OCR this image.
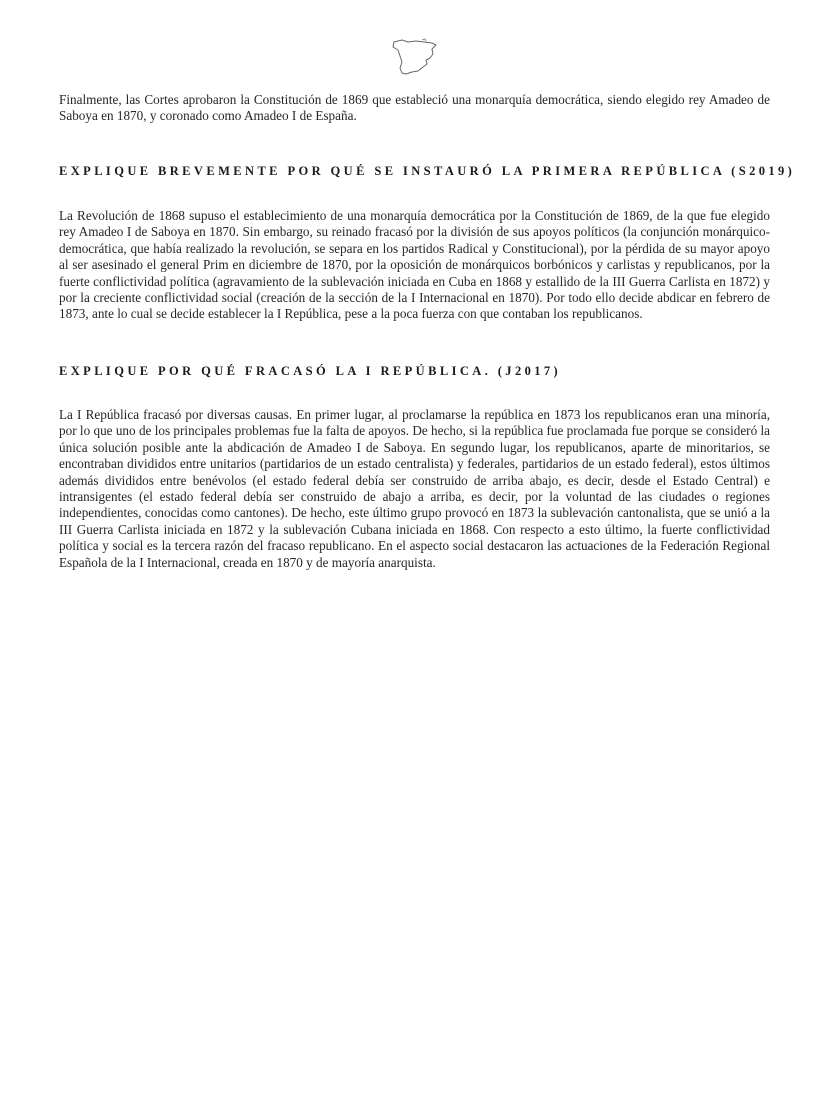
Finalmente, las Cortes aprobaron la Constitución de 1869 que estableció una monarquía democrática, siendo elegido rey Amadeo de Saboya en 1870, y coronado como Amadeo I de España.

EXPLIQUE BREVEMENTE POR QUÉ SE INSTAURÓ LA PRIMERA REPÚBLICA (S2019)

La Revolución de 1868 supuso el establecimiento de una monarquía democrática por la Constitución de 1869, de la que fue elegido rey Amadeo I de Saboya en 1870. Sin embargo, su reinado fracasó por la división de sus apoyos políticos (la conjunción monárquico-democrática, que había realizado la revolución, se separa en los partidos Radical y Constitucional), por la pérdida de su mayor apoyo al ser asesinado el general Prim en diciembre de 1870, por la oposición de monárquicos borbónicos y carlistas y republicanos, por la fuerte conflictividad política (agravamiento de la sublevación iniciada en Cuba en 1868 y estallido de la III Guerra Carlista en 1872) y por la creciente conflictividad social (creación de la sección de la I Internacional en 1870). Por todo ello decide abdicar en febrero de 1873, ante lo cual se decide establecer la I República, pese a la poca fuerza con que contaban los republicanos.

EXPLIQUE POR QUÉ FRACASÓ LA I REPÚBLICA. (J2017)

La I República fracasó por diversas causas. En primer lugar, al proclamarse la república en 1873 los republicanos eran una minoría, por lo que uno de los principales problemas fue la falta de apoyos. De hecho, si la república fue proclamada fue porque se consideró la única solución posible ante la abdicación de Amadeo I de Saboya. En segundo lugar, los republicanos, aparte de minoritarios, se encontraban divididos entre unitarios (partidarios de un estado centralista) y federales, partidarios de un estado federal), estos últimos además divididos entre benévolos (el estado federal debía ser construido de arriba abajo, es decir, desde el Estado Central) e intransigentes (el estado federal debía ser construido de abajo a arriba, es decir, por la voluntad de las ciudades o regiones independientes, conocidas como cantones). De hecho, este último grupo provocó en 1873 la sublevación cantonalista, que se unió a la III Guerra Carlista iniciada en 1872 y la sublevación Cubana iniciada en 1868. Con respecto a esto último, la fuerte conflictividad política y social es la tercera razón del fracaso republicano. En el aspecto social destacaron las actuaciones de la Federación Regional Española de la I Internacional, creada en 1870 y de mayoría anarquista.
